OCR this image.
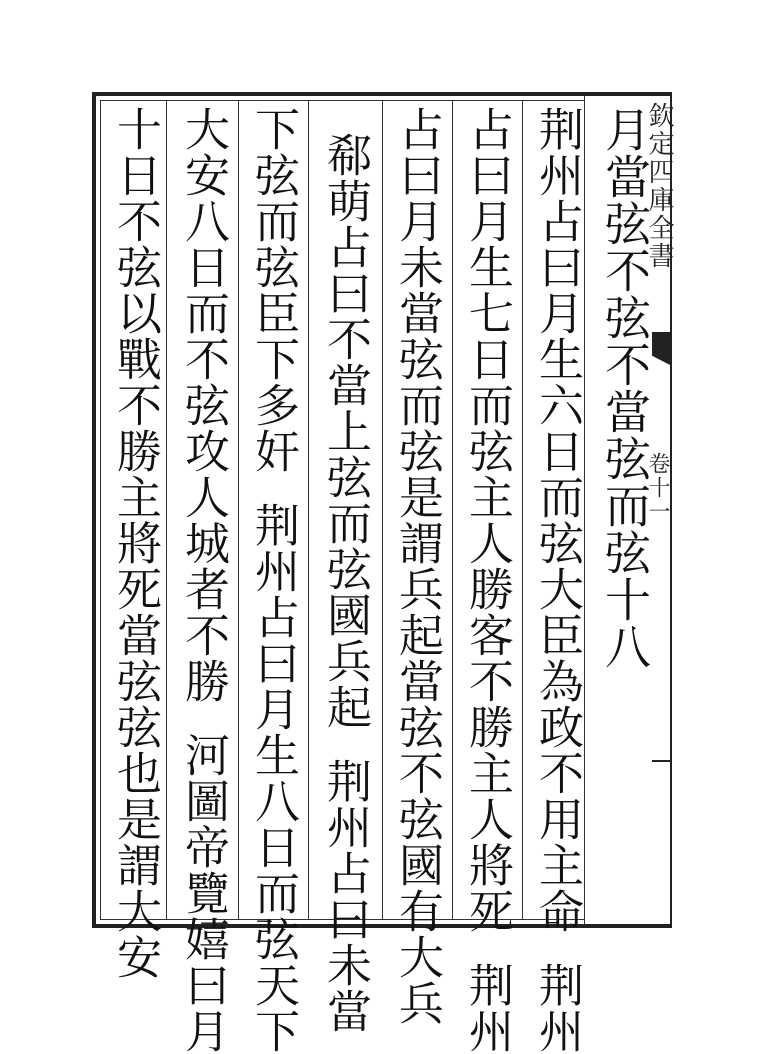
欽定四庫全書
卷十一
月當弦不弦不當弦而弦十八
荆州占曰月生六日而弦大臣為政不用主命荆州
占曰月生七日而弦主人勝客不勝主人將死荆州
占曰月未當弦而弦是謂兵起當弦不弦國有大兵
郗萌占曰不當上弦而弦國兵起荆州占曰未當
下弦而弦臣下多奸荆州占曰月生八日而弦天下
大安八日而不弦攻人城者不勝河圖帝覽嬉曰月
十日不弦以戰不勝主將死當弦弦也是謂大安
